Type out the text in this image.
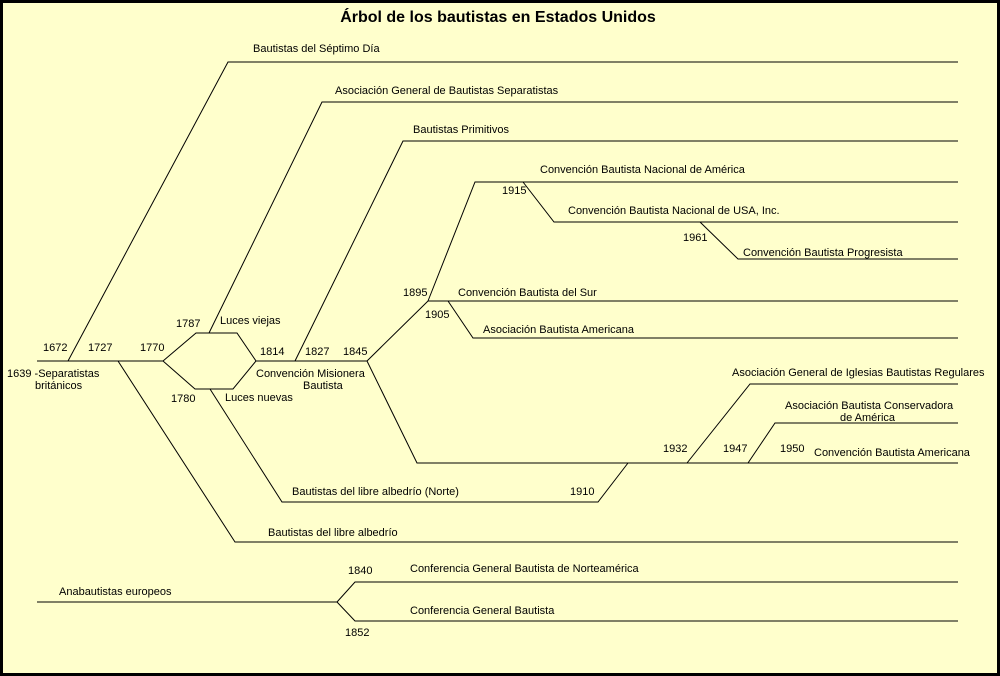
Árbol de los bautistas en Estados Unidos
Bautistas del Séptimo Día
Asociación General de Bautistas Separatistas
Bautistas Primitivos
Convención Bautista Nacional de América
1915
Convención Bautista Nacional de USA, Inc.
1961
Convención Bautista Progresista
1895	Convención Bautista del Sur
1905
Asociación Bautista Americana
1787 Luces viejas
1672 1727	1770	1814 1827 1845
1639 -Separatistas
británicos
Convención Misionera
Bautista
1780	Luces nuevas
Asociación General de Iglesias Bautistas Regulares
Asociación Bautista Conservadora
de América
1932	1947	1950 Convención Bautista Americana
1910
Bautistas del libre albedrío (Norte)
Bautistas del libre albedrío
1840	Conferencia General Bautista de Norteamérica
Anabautistas europeos
Conferencia General Bautista
1852
